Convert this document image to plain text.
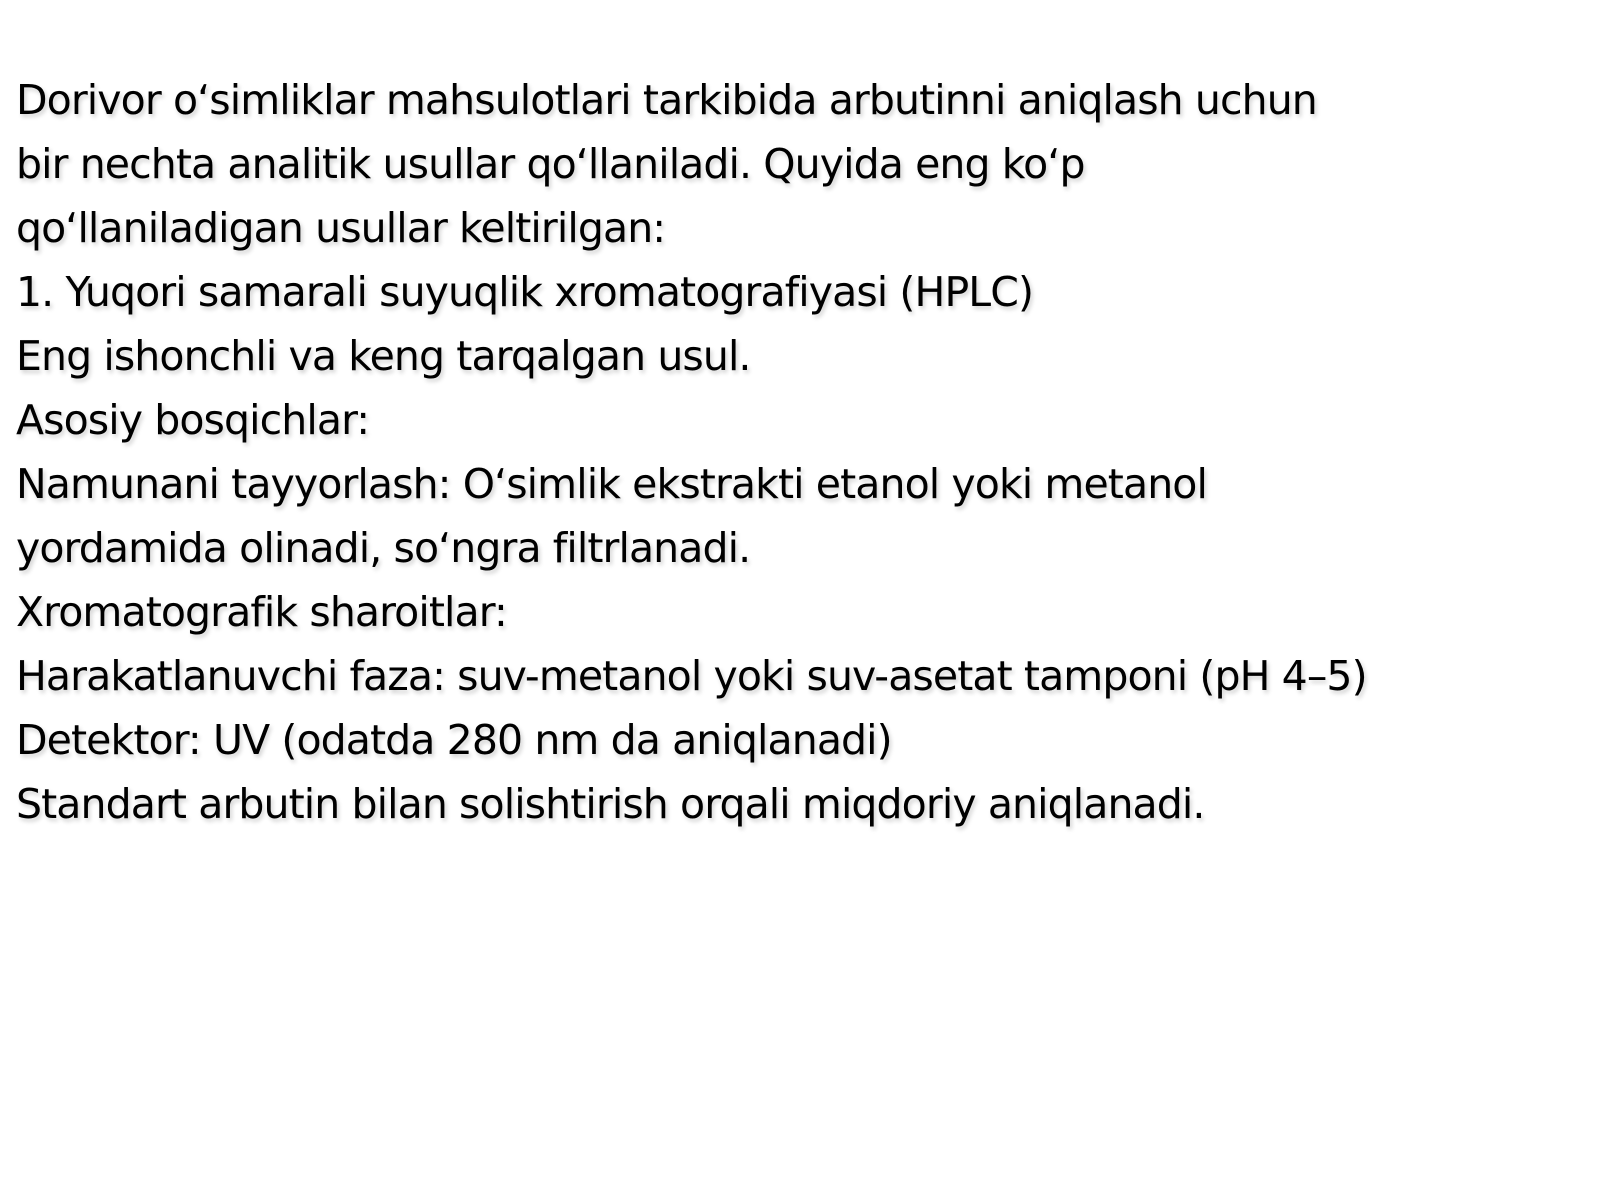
Dorivor o‘simliklar mahsulotlari tarkibida arbutinni aniqlash uchun
bir nechta analitik usullar qo‘llaniladi. Quyida eng ko‘p
qo‘llaniladigan usullar keltirilgan:
1. Yuqori samarali suyuqlik xromatografiyasi (HPLC)
Eng ishonchli va keng tarqalgan usul.
Asosiy bosqichlar:
Namunani tayyorlash: O‘simlik ekstrakti etanol yoki metanol
yordamida olinadi, so‘ngra filtrlanadi.
Xromatografik sharoitlar:
Harakatlanuvchi faza: suv-metanol yoki suv-asetat tamponi (pH 4–5)
Detektor: UV (odatda 280 nm da aniqlanadi)
Standart arbutin bilan solishtirish orqali miqdoriy aniqlanadi.
